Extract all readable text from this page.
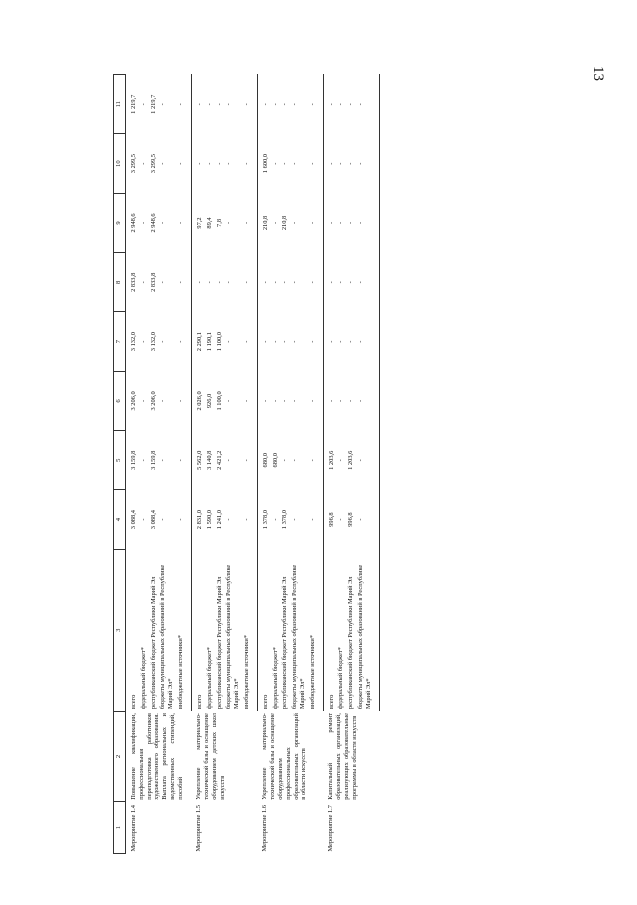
13
1	2	3	4	5	6	7	8	9	10	11
Мероприятие 1.4	Повышение квалификации, профессиональная переподготовка работников художественного образования. Выплата региональных и ведомственных стипендий, пособий	всего	3 088,4	3 159,8	3 206,0	3 132,0	2 833,8	2 948,6	3 299,5	1 219,7
		федеральный бюджет*	-	-	-	-	-	-	-	-
		республиканский бюджет Республики Марий Эл	3 088,4	3 159,8	3 206,0	3 132,0	2 833,8	2 948,6	3 299,5	1 219,7
		бюджеты муниципальных образований в Республике Марий Эл*	-	-	-	-	-	-	-	-
		внебюджетные источники*	-	-	-	-	-	-	-	-
Мероприятие 1.5	Укрепление материально-технической базы и оснащение оборудованием детских школ искусств	всего	2 831,0	5 562,0	2 026,0	2 290,1	-	97,2	-	-
		федеральный бюджет*	1 590,0	3 140,8	926,0	1 190,1	-	89,4	-	-
		республиканский бюджет Республики Марий Эл	1 241,0	2 421,2	1 100,0	1 100,0	-	7,8	-	-
		бюджеты муниципальных образований в Республике Марий Эл*	-	-	-	-	-	-	-	-
		внебюджетные источники*	-	-	-	-	-	-	-	-
Мероприятие 1.6	Укрепление материально-технической базы и оснащение оборудованием профессиональных образовательных организаций в области искусств	всего	1 378,0	680,0	-	-	-	210,8	1 600,0	-
		федеральный бюджет*	-	680,0	-	-	-	-	-	-
		республиканский бюджет Республики Марий Эл	1 378,0	-	-	-	-	210,8	-	-
		бюджеты муниципальных образований в Республике Марий Эл*	-	-	-	-	-	-	-	-
		внебюджетные источники*	-	-	-	-	-	-	-	-
Мероприятие 1.7	Капитальный ремонт образовательных организаций, реализующих образовательные программы в области искусств	всего	996,8	1 203,6	-	-	-	-	-	-
		федеральный бюджет*	-	-	-	-	-	-	-	-
		республиканский бюджет Республики Марий Эл	996,8	1 203,6	-	-	-	-	-	-
		бюджеты муниципальных образований в Республике Марий Эл*	-	-	-	-	-	-	-	-
